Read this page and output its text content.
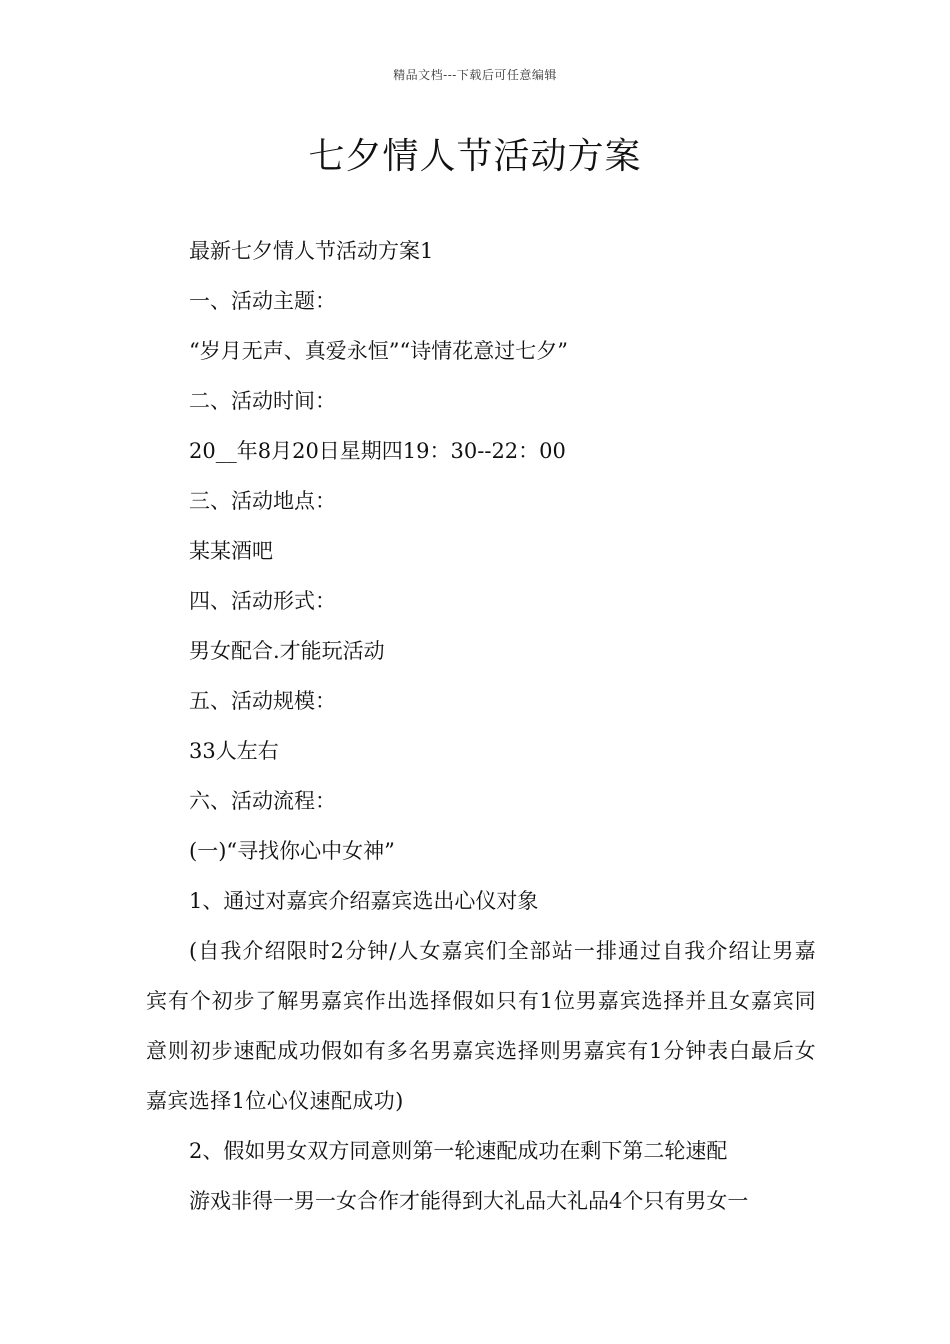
精品文档---下载后可任意编辑
七夕情人节活动方案

最新七夕情人节活动方案1

一、活动主题：

“岁月无声、真爱永恒”“诗情花意过七夕”

二、活动时间：

20__年8月20日星期四19：30--22：00

三、活动地点：

某某酒吧

四、活动形式：

男女配合.才能玩活动

五、活动规模：

33人左右

六、活动流程：

(一)“寻找你心中女神”

1、通过对嘉宾介绍嘉宾选出心仪对象

(自我介绍限时2分钟/人女嘉宾们全部站一排通过自我介绍让男嘉宾有个初步了解男嘉宾作出选择假如只有1位男嘉宾选择并且女嘉宾同意则初步速配成功假如有多名男嘉宾选择则男嘉宾有1分钟表白最后女嘉宾选择1位心仪速配成功)

2、假如男女双方同意则第一轮速配成功在剩下第二轮速配

游戏非得一男一女合作才能得到大礼品大礼品4个只有男女一
